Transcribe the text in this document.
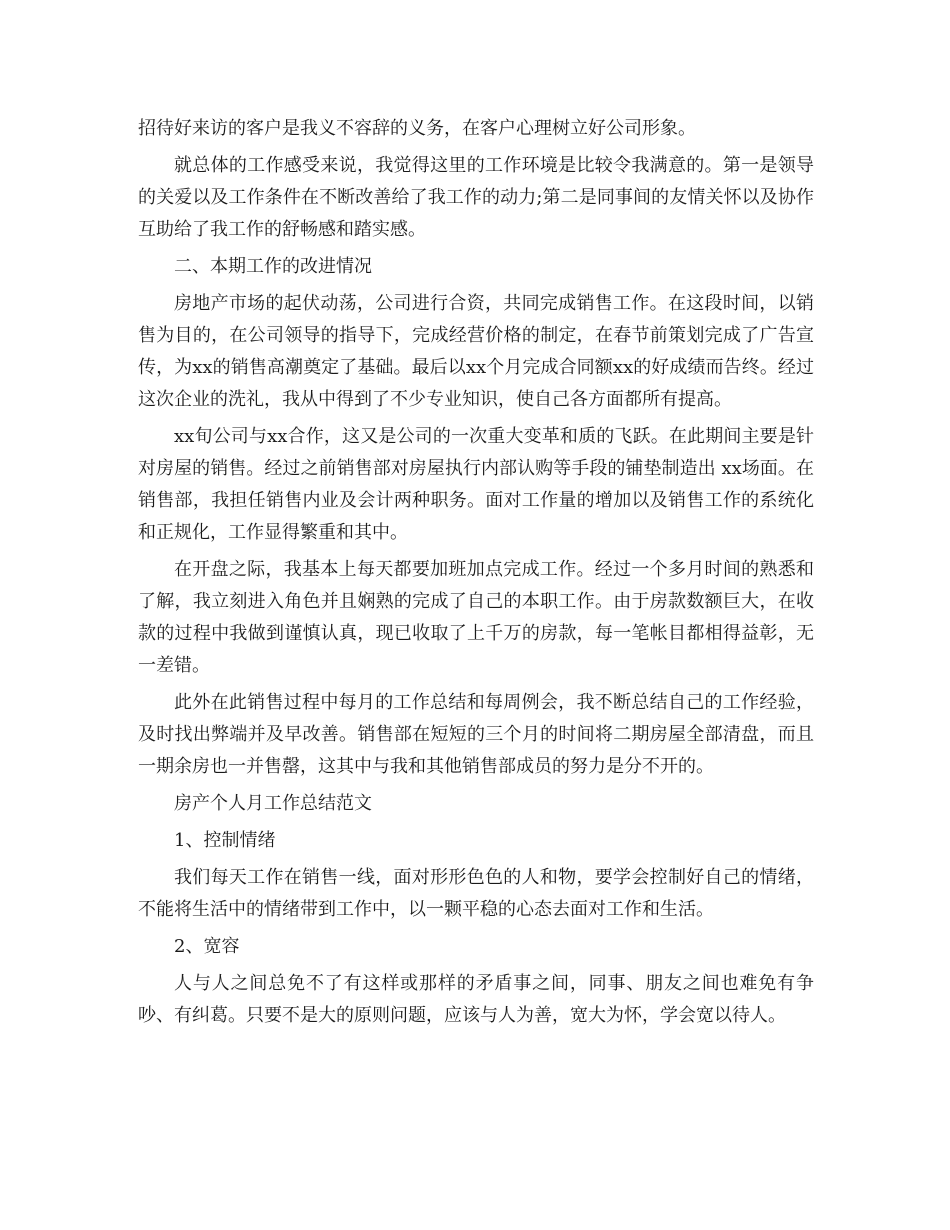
招待好来访的客户是我义不容辞的义务，在客户心理树立好公司形象。

就总体的工作感受来说，我觉得这里的工作环境是比较令我满意的。第一是领导的关爱以及工作条件在不断改善给了我工作的动力;第二是同事间的友情关怀以及协作互助给了我工作的舒畅感和踏实感。

二、本期工作的改进情况

房地产市场的起伏动荡，公司进行合资，共同完成销售工作。在这段时间，以销售为目的，在公司领导的指导下，完成经营价格的制定，在春节前策划完成了广告宣传，为xx的销售高潮奠定了基础。最后以xx个月完成合同额xx的好成绩而告终。经过这次企业的洗礼，我从中得到了不少专业知识，使自己各方面都所有提高。

xx旬公司与xx合作，这又是公司的一次重大变革和质的飞跃。在此期间主要是针对房屋的销售。经过之前销售部对房屋执行内部认购等手段的铺垫制造出 xx场面。在销售部，我担任销售内业及会计两种职务。面对工作量的增加以及销售工作的系统化和正规化，工作显得繁重和其中。

在开盘之际，我基本上每天都要加班加点完成工作。经过一个多月时间的熟悉和了解，我立刻进入角色并且娴熟的完成了自己的本职工作。由于房款数额巨大，在收款的过程中我做到谨慎认真，现已收取了上千万的房款，每一笔帐目都相得益彰，无一差错。

此外在此销售过程中每月的工作总结和每周例会，我不断总结自己的工作经验，及时找出弊端并及早改善。销售部在短短的三个月的时间将二期房屋全部清盘，而且一期余房也一并售罄，这其中与我和其他销售部成员的努力是分不开的。

房产个人月工作总结范文

1、控制情绪

我们每天工作在销售一线，面对形形色色的人和物，要学会控制好自己的情绪，不能将生活中的情绪带到工作中，以一颗平稳的心态去面对工作和生活。

2、宽容

人与人之间总免不了有这样或那样的矛盾事之间，同事、朋友之间也难免有争吵、有纠葛。只要不是大的原则问题，应该与人为善，宽大为怀，学会宽以待人。
